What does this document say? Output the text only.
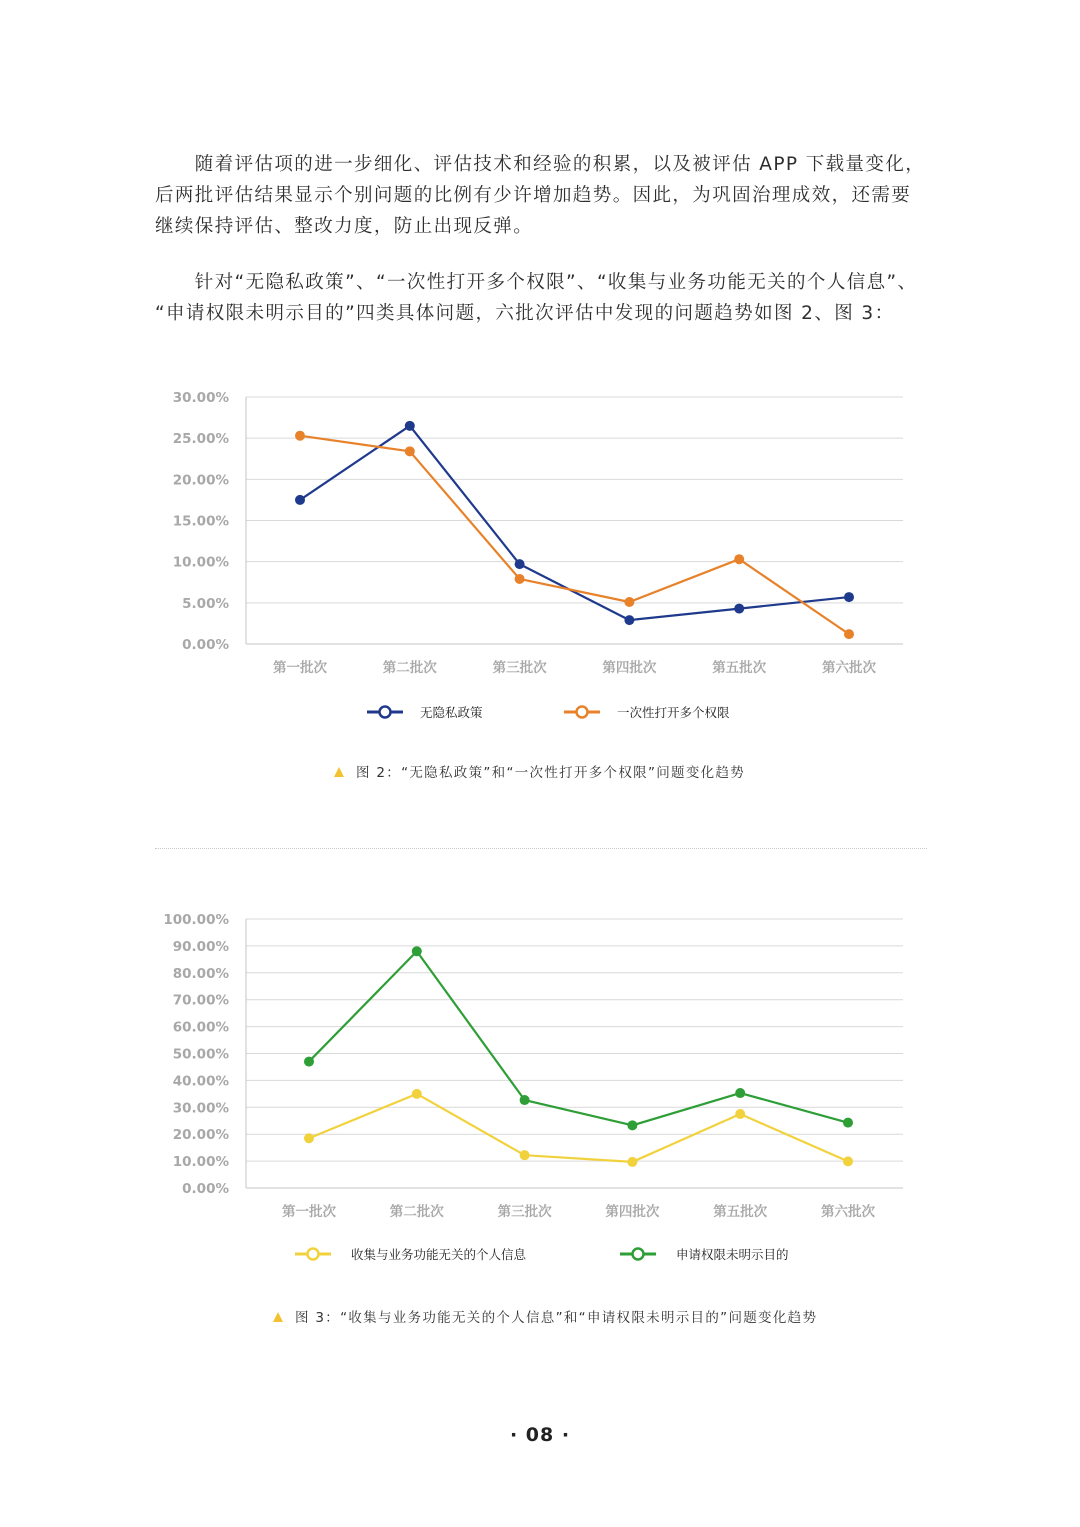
　　随着评估项的进一步细化、评估技术和经验的积累，以及被评估 APP 下载量变化，
后两批评估结果显示个别问题的比例有少许增加趋势。因此，为巩固治理成效，还需要
继续保持评估、整改力度，防止出现反弹。
　　针对“无隐私政策”、“一次性打开多个权限”、“收集与业务功能无关的个人信息”、
“申请权限未明示目的”四类具体问题，六批次评估中发现的问题趋势如图 2、图 3：
0.00%
5.00%
10.00%
15.00%
20.00%
25.00%
30.00%
第一批次	第二批次	第三批次	第四批次	第五批次	第六批次
无隐私政策	一次性打开多个权限

图 2：“无隐私政策”和“一次性打开多个权限”问题变化趋势

0.00%
10.00%
20.00%
30.00%
40.00%
50.00%
60.00%
70.00%
80.00%
90.00%
100.00%
第一批次	第二批次	第三批次	第四批次	第五批次	第六批次
收集与业务功能无关的个人信息	申请权限未明示目的

图 3：“收集与业务功能无关的个人信息”和“申请权限未明示目的”问题变化趋势

· 08 ·
